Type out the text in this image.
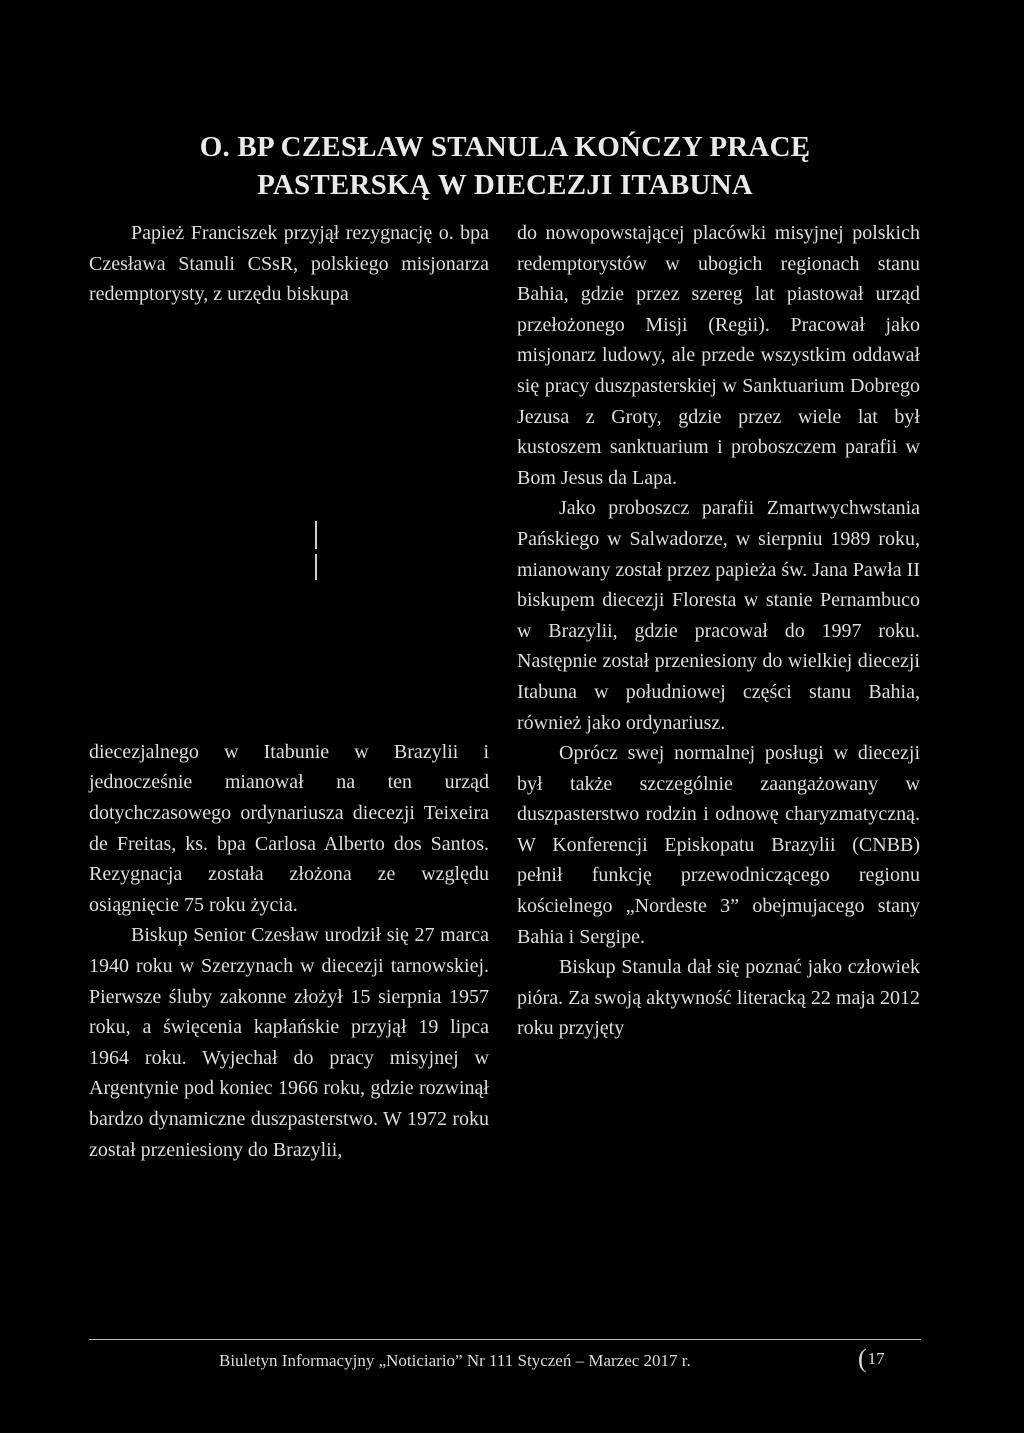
O. BP CZESŁAW STANULA KOŃCZY PRACĘ
PASTERSKĄ W DIECEZJI ITABUNA

Papież Franciszek przyjął rezygnację o. bpa Czesława Stanuli CSsR, polskiego misjonarza redemptorysty, z urzędu biskupa

diecezjalnego w Itabunie w Brazylii i jednocześnie mianował na ten urząd dotychczasowego ordynariusza diecezji Teixeira de Freitas, ks. bpa Carlosa Alberto dos Santos. Rezygnacja została złożona ze względu osiągnięcie 75 roku życia.

Biskup Senior Czesław urodził się 27 marca 1940 roku w Szerzynach w diecezji tarnowskiej. Pierwsze śluby zakonne złożył 15 sierpnia 1957 roku, a święcenia kapłańskie przyjął 19 lipca 1964 roku. Wyjechał do pracy misyjnej w Argentynie pod koniec 1966 roku, gdzie rozwinął bardzo dynamiczne duszpasterstwo. W 1972 roku został przeniesiony do Brazylii,

do nowopowstającej placówki misyjnej polskich redemptorystów w ubogich regionach stanu Bahia, gdzie przez szereg lat piastował urząd przełożonego Misji (Regii). Pracował jako misjonarz ludowy, ale przede wszystkim oddawał się pracy duszpasterskiej w Sanktuarium Dobrego Jezusa z Groty, gdzie przez wiele lat był kustoszem sanktuarium i proboszczem parafii w Bom Jesus da Lapa.

Jako proboszcz parafii Zmartwychwstania Pańskiego w Salwadorze, w sierpniu 1989 roku, mianowany został przez papieża św. Jana Pawła II biskupem diecezji Floresta w stanie Pernambuco w Brazylii, gdzie pracował do 1997 roku. Następnie został przeniesiony do wielkiej diecezji Itabuna w południowej części stanu Bahia, również jako ordynariusz.

Oprócz swej normalnej posługi w diecezji był także szczególnie zaangażowany w duszpasterstwo rodzin i odnowę charyzmatyczną. W Konferencji Episkopatu Brazylii (CNBB) pełnił funkcję przewodniczącego regionu kościelnego „Nordeste 3” obejmujacego stany Bahia i Sergipe.

Biskup Stanula dał się poznać jako człowiek pióra. Za swoją aktywność literacką 22 maja 2012 roku przyjęty

Biuletyn Informacyjny „Noticiario” Nr 111 Styczeń – Marzec 2017 r.	(17
